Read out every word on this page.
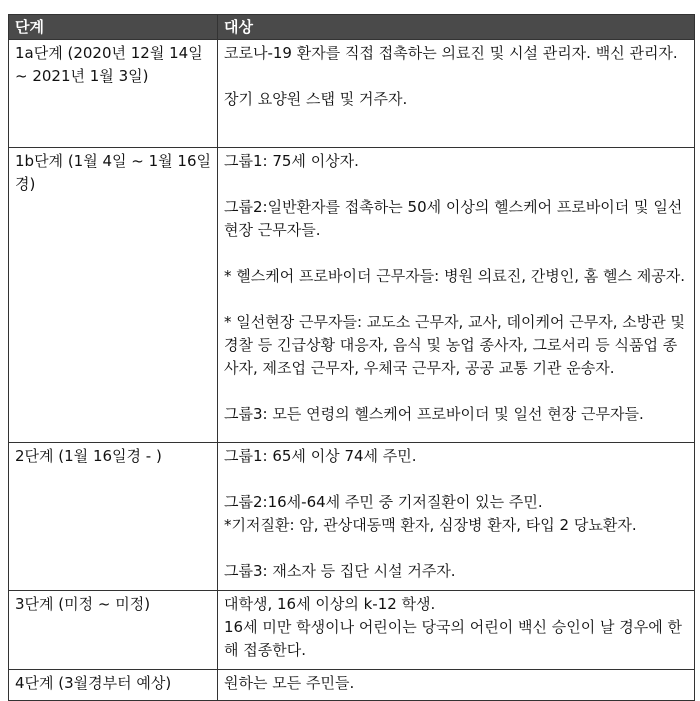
단계	대상
1a단계 (2020년 12월 14일 ~ 2021년 1월 3일)	코로나-19 환자를 직접 접촉하는 의료진 및 시설 관리자. 백신 관리자.

장기 요양원 스탭 및 거주자.

1b단계 (1월 4일 ~ 1월 16일경)	그룹1: 75세 이상자.

그룹2:일반환자를 접촉하는 50세 이상의 헬스케어 프로바이더 및 일선 현장 근무자들.

* 헬스케어 프로바이더 근무자들: 병원 의료진, 간병인, 홈 헬스 제공자.

* 일선현장 근무자들: 교도소 근무자, 교사, 데이케어 근무자, 소방관 및 경찰 등 긴급상황 대응자, 음식 및 농업 종사자, 그로서리 등 식품업 종사자, 제조업 근무자, 우체국 근무자, 공공 교통 기관 운송자.

그룹3: 모든 연령의 헬스케어 프로바이더 및 일선 현장 근무자들.

2단계 (1월 16일경 - )	그룹1: 65세 이상 74세 주민.

그룹2:16세-64세 주민 중 기저질환이 있는 주민.

*기저질환: 암, 관상대동맥 환자, 심장병 환자, 타입 2 당뇨환자.

그룹3: 재소자 등 집단 시설 거주자.

3단계 (미정 ~ 미정)	대학생, 16세 이상의 k-12 학생.
16세 미만 학생이나 어린이는 당국의 어린이 백신 승인이 날 경우에 한 해 접종한다.

4단계 (3월경부터 예상)	원하는 모든 주민들.
